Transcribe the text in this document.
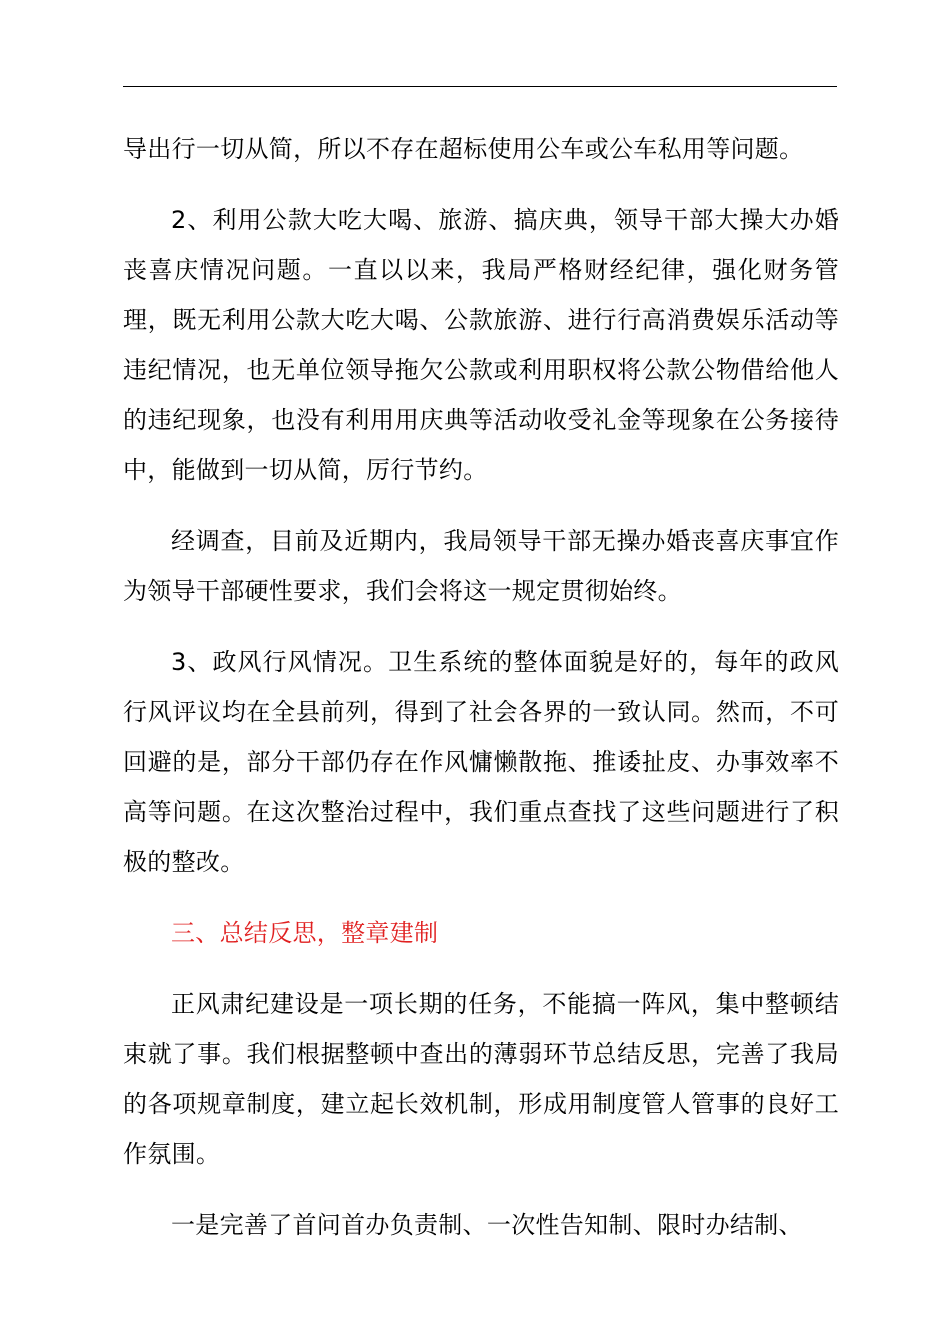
导出行一切从简，所以不存在超标使用公车或公车私用等问题。

2、利用公款大吃大喝、旅游、搞庆典，领导干部大操大办婚丧喜庆情况问题。一直以以来，我局严格财经纪律，强化财务管理，既无利用公款大吃大喝、公款旅游、进行行高消费娱乐活动等违纪情况，也无单位领导拖欠公款或利用职权将公款公物借给他人的违纪现象，也没有利用用庆典等活动收受礼金等现象在公务接待中，能做到一切从简，厉行节约。

经调查，目前及近期内，我局领导干部无操办婚丧喜庆事宜作为领导干部硬性要求，我们会将这一规定贯彻始终。

3、政风行风情况。卫生系统的整体面貌是好的，每年的政风行风评议均在全县前列，得到了社会各界的一致认同。然而，不可回避的是，部分干部仍存在作风慵懒散拖、推诿扯皮、办事效率不高等问题。在这次整治过程中，我们重点查找了这些问题进行了积极的整改。

三、总结反思，整章建制

正风肃纪建设是一项长期的任务，不能搞一阵风，集中整顿结束就了事。我们根据整顿中查出的薄弱环节总结反思，完善了我局的各项规章制度，建立起长效机制，形成用制度管人管事的良好工作氛围。

一是完善了首问首办负责制、一次性告知制、限时办结制、
